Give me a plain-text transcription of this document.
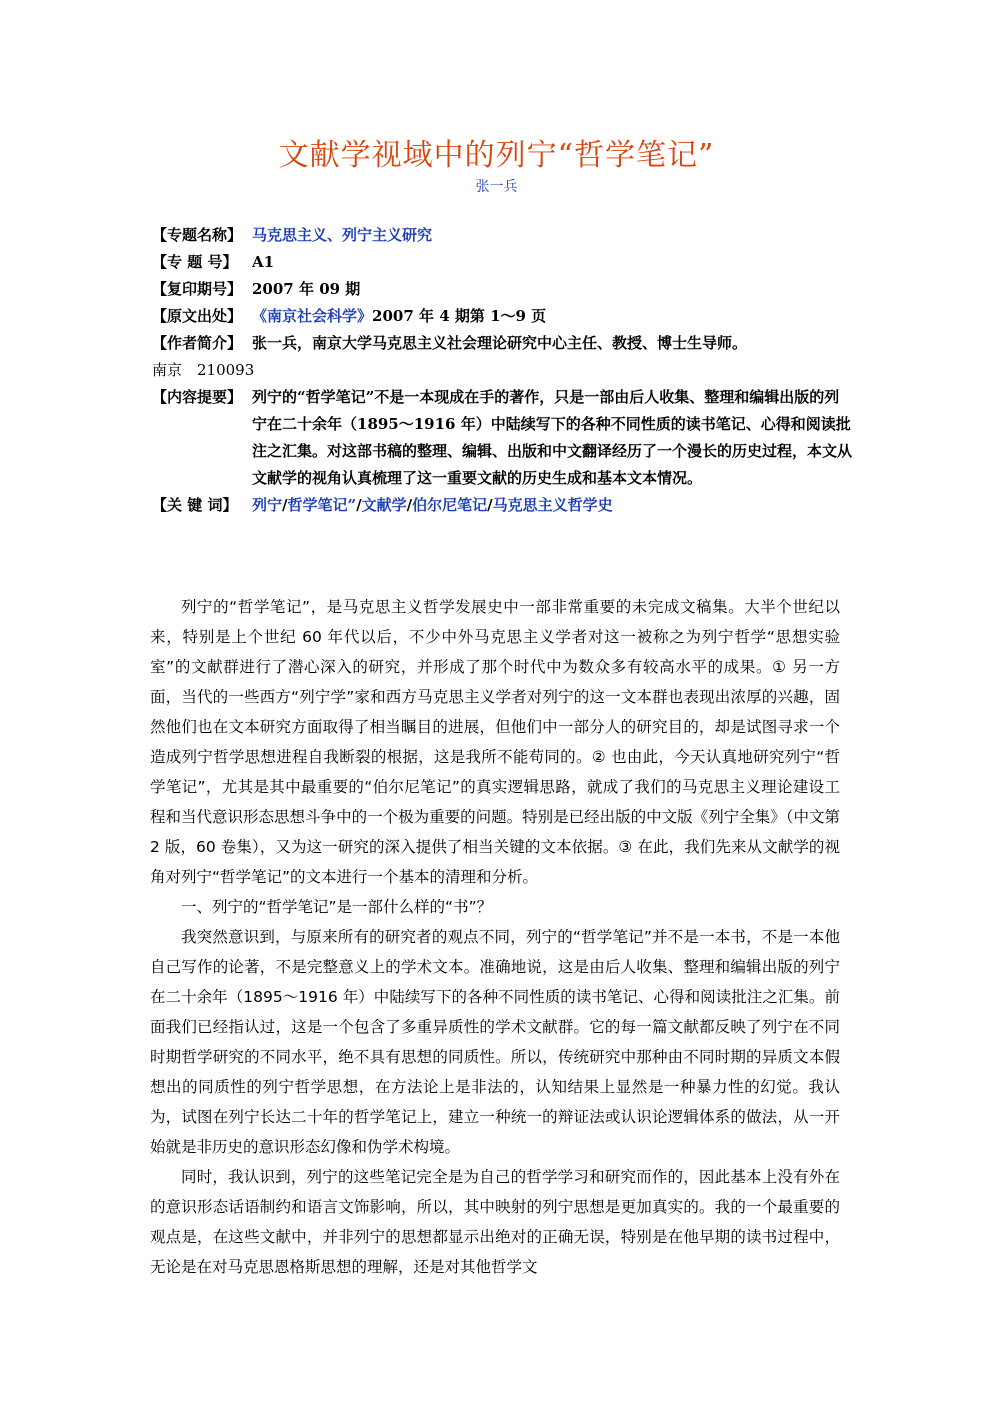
文献学视域中的列宁“哲学笔记”
张一兵
【专题名称】 马克思主义、列宁主义研究
【专 题 号】 A1
【复印期号】 2007 年 09 期
【原文出处】 《南京社会科学》2007 年 4 期第 1～9 页
【作者简介】 张一兵，南京大学马克思主义社会理论研究中心主任、教授、博士生导师。
南京　210093
【内容提要】 列宁的“哲学笔记”不是一本现成在手的著作，只是一部由后人收集、整理和编辑出版的列宁在二十余年（1895～1916 年）中陆续写下的各种不同性质的读书笔记、心得和阅读批注之汇集。对这部书稿的整理、编辑、出版和中文翻译经历了一个漫长的历史过程，本文从文献学的视角认真梳理了这一重要文献的历史生成和基本文本情况。
【关 键 词】 列宁/哲学笔记”/文献学/伯尔尼笔记/马克思主义哲学史

列宁的“哲学笔记”，是马克思主义哲学发展史中一部非常重要的未完成文稿集。大半个世纪以来，特别是上个世纪 60 年代以后，不少中外马克思主义学者对这一被称之为列宁哲学“思想实验室”的文献群进行了潜心深入的研究，并形成了那个时代中为数众多有较高水平的成果。① 另一方面，当代的一些西方“列宁学”家和西方马克思主义学者对列宁的这一文本群也表现出浓厚的兴趣，固然他们也在文本研究方面取得了相当瞩目的进展，但他们中一部分人的研究目的，却是试图寻求一个造成列宁哲学思想进程自我断裂的根据，这是我所不能苟同的。② 也由此，今天认真地研究列宁“哲学笔记”，尤其是其中最重要的“伯尔尼笔记”的真实逻辑思路，就成了我们的马克思主义理论建设工程和当代意识形态思想斗争中的一个极为重要的问题。特别是已经出版的中文版《列宁全集》（中文第 2 版，60 卷集），又为这一研究的深入提供了相当关键的文本依据。③ 在此，我们先来从文献学的视角对列宁“哲学笔记”的文本进行一个基本的清理和分析。

一、列宁的“哲学笔记”是一部什么样的“书”？

我突然意识到，与原来所有的研究者的观点不同，列宁的“哲学笔记”并不是一本书，不是一本他自己写作的论著，不是完整意义上的学术文本。准确地说，这是由后人收集、整理和编辑出版的列宁在二十余年（1895～1916 年）中陆续写下的各种不同性质的读书笔记、心得和阅读批注之汇集。前面我们已经指认过，这是一个包含了多重异质性的学术文献群。它的每一篇文献都反映了列宁在不同时期哲学研究的不同水平，绝不具有思想的同质性。所以，传统研究中那种由不同时期的异质文本假想出的同质性的列宁哲学思想，在方法论上是非法的，认知结果上显然是一种暴力性的幻觉。我认为，试图在列宁长达二十年的哲学笔记上，建立一种统一的辩证法或认识论逻辑体系的做法，从一开始就是非历史的意识形态幻像和伪学术构境。

同时，我认识到，列宁的这些笔记完全是为自己的哲学学习和研究而作的，因此基本上没有外在的意识形态话语制约和语言文饰影响，所以，其中映射的列宁思想是更加真实的。我的一个最重要的观点是，在这些文献中，并非列宁的思想都显示出绝对的正确无误，特别是在他早期的读书过程中，无论是在对马克思恩格斯思想的理解，还是对其他哲学文
